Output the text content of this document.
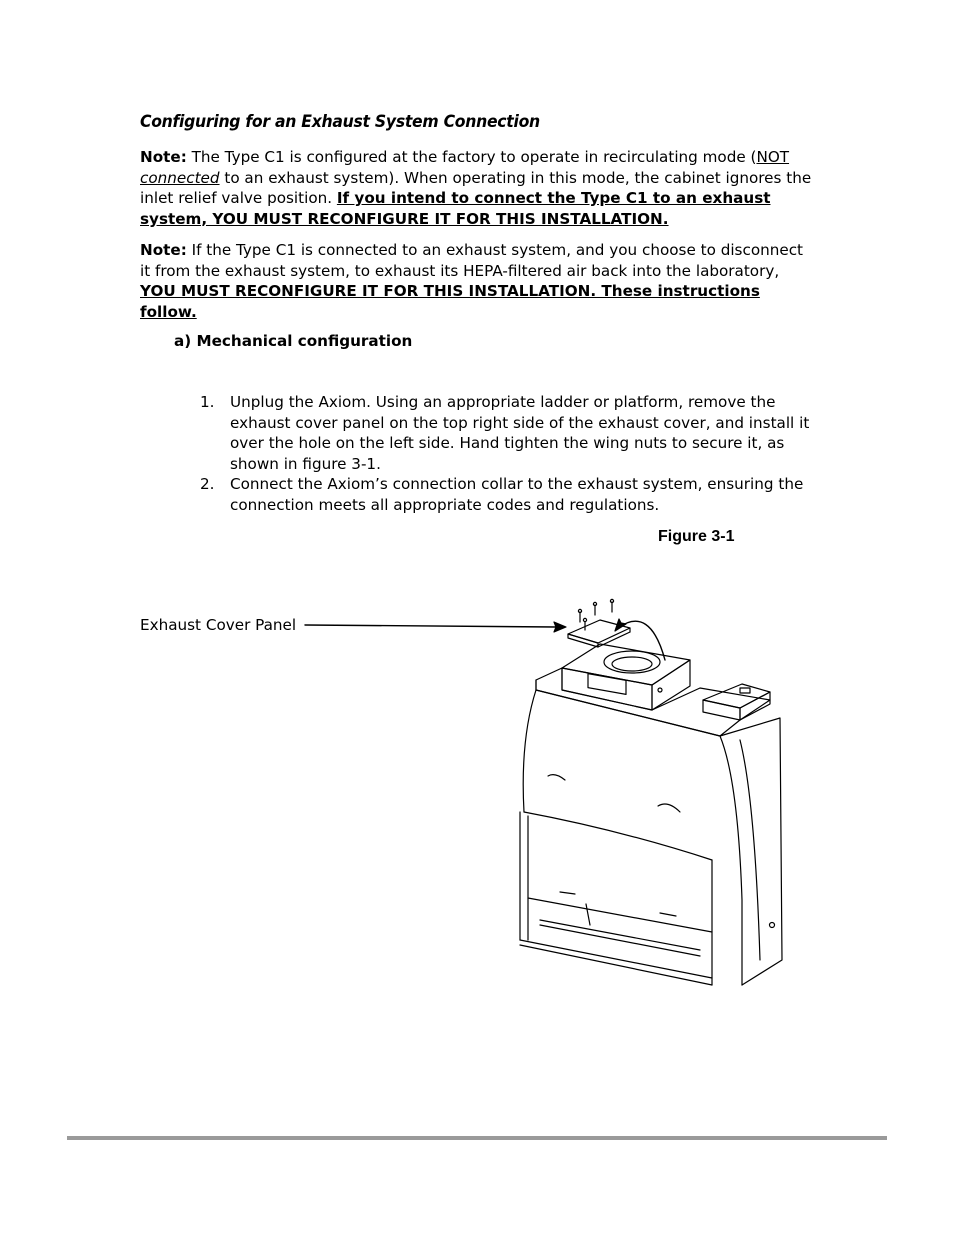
Configuring for an Exhaust System Connection

Note: The Type C1 is configured at the factory to operate in recirculating mode (NOT
connected to an exhaust system). When operating in this mode, the cabinet ignores the inlet relief valve position. If you intend to connect the Type C1 to an exhaust system, YOU MUST RECONFIGURE IT FOR THIS INSTALLATION.

Note: If the Type C1 is connected to an exhaust system, and you choose to disconnect it from the exhaust system, to exhaust its HEPA-filtered air back into the laboratory, YOU MUST RECONFIGURE IT FOR THIS INSTALLATION. These instructions follow.

a) Mechanical configuration

1. Unplug the Axiom. Using an appropriate ladder or platform, remove the exhaust cover panel on the top right side of the exhaust cover, and install it over the hole on the left side. Hand tighten the wing nuts to secure it, as shown in figure 3-1.
2. Connect the Axiom’s connection collar to the exhaust system, ensuring the connection meets all appropriate codes and regulations.

Figure 3-1

Exhaust Cover Panel
